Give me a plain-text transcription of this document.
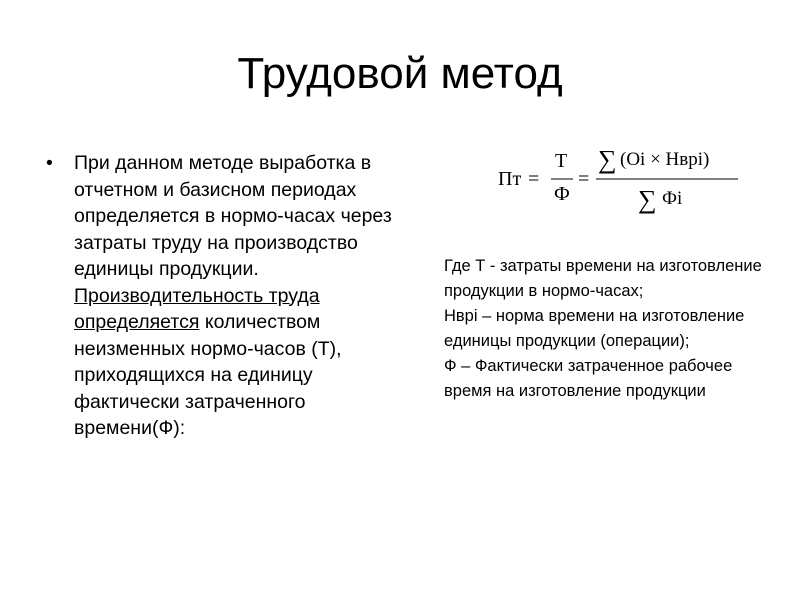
Трудовой метод
• При данном методе выработка в отчетном и базисном периодах определяется в нормо-часах через затраты труду на производство единицы продукции. Производительность труда определяется количеством неизменных нормо-часов (Т), приходящихся на единицу фактически затраченного времени(Ф):
Пт =
Т
Ф
=
∑ (Oi × Нврi)
∑ Фi

Где Т - затраты времени на изготовление продукции в нормо-часах;

Нврі – норма времени на изготовление единицы продукции (операции);

Ф – Фактически затраченное рабочее время на изготовление продукции
